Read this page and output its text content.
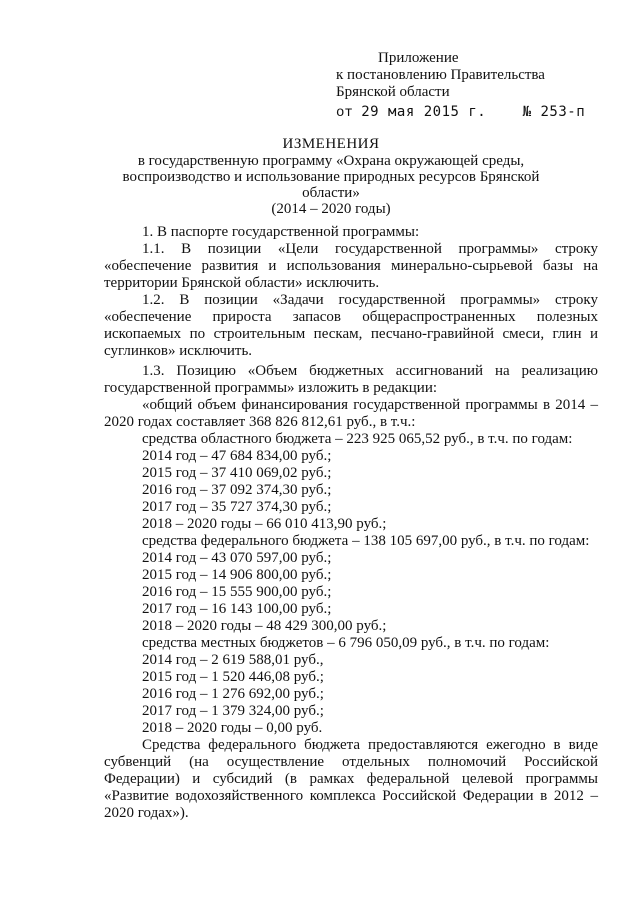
Приложение
к постановлению Правительства
Брянской области
от 29 мая 2015 г.	№ 253-п
ИЗМЕНЕНИЯ
в государственную программу «Охрана окружающей среды,
воспроизводство и использование природных ресурсов Брянской области»
(2014 – 2020 годы)

1. В паспорте государственной программы:

1.1. В позиции «Цели государственной программы» строку «обеспечение развития и использования минерально-сырьевой базы на территории Брянской области» исключить.

1.2. В позиции «Задачи государственной программы» строку «обеспечение прироста запасов общераспространенных полезных ископаемых по строительным пескам, песчано-гравийной смеси, глин и суглинков» исключить.

1.3. Позицию «Объем бюджетных ассигнований на реализацию государственной программы» изложить в редакции:

«общий объем финансирования государственной программы в 2014 – 2020 годах составляет 368 826 812,61 руб., в т.ч.:

средства областного бюджета – 223 925 065,52 руб., в т.ч. по годам:
2014 год – 47 684 834,00 руб.;
2015 год – 37 410 069,02 руб.;
2016 год – 37 092 374,30 руб.;
2017 год – 35 727 374,30 руб.;
2018 – 2020 годы – 66 010 413,90 руб.;
средства федерального бюджета – 138 105 697,00 руб., в т.ч. по годам:
2014 год – 43 070 597,00 руб.;
2015 год – 14 906 800,00 руб.;
2016 год – 15 555 900,00 руб.;
2017 год – 16 143 100,00 руб.;
2018 – 2020 годы – 48 429 300,00 руб.;
средства местных бюджетов – 6 796 050,09 руб., в т.ч. по годам:
2014 год – 2 619 588,01 руб.,
2015 год – 1 520 446,08 руб.;
2016 год – 1 276 692,00 руб.;
2017 год – 1 379 324,00 руб.;
2018 – 2020 годы – 0,00 руб.

Средства федерального бюджета предоставляются ежегодно в виде субвенций (на осуществление отдельных полномочий Российской Федерации) и субсидий (в рамках федеральной целевой программы «Развитие водохозяйственного комплекса Российской Федерации в 2012 – 2020 годах»).
